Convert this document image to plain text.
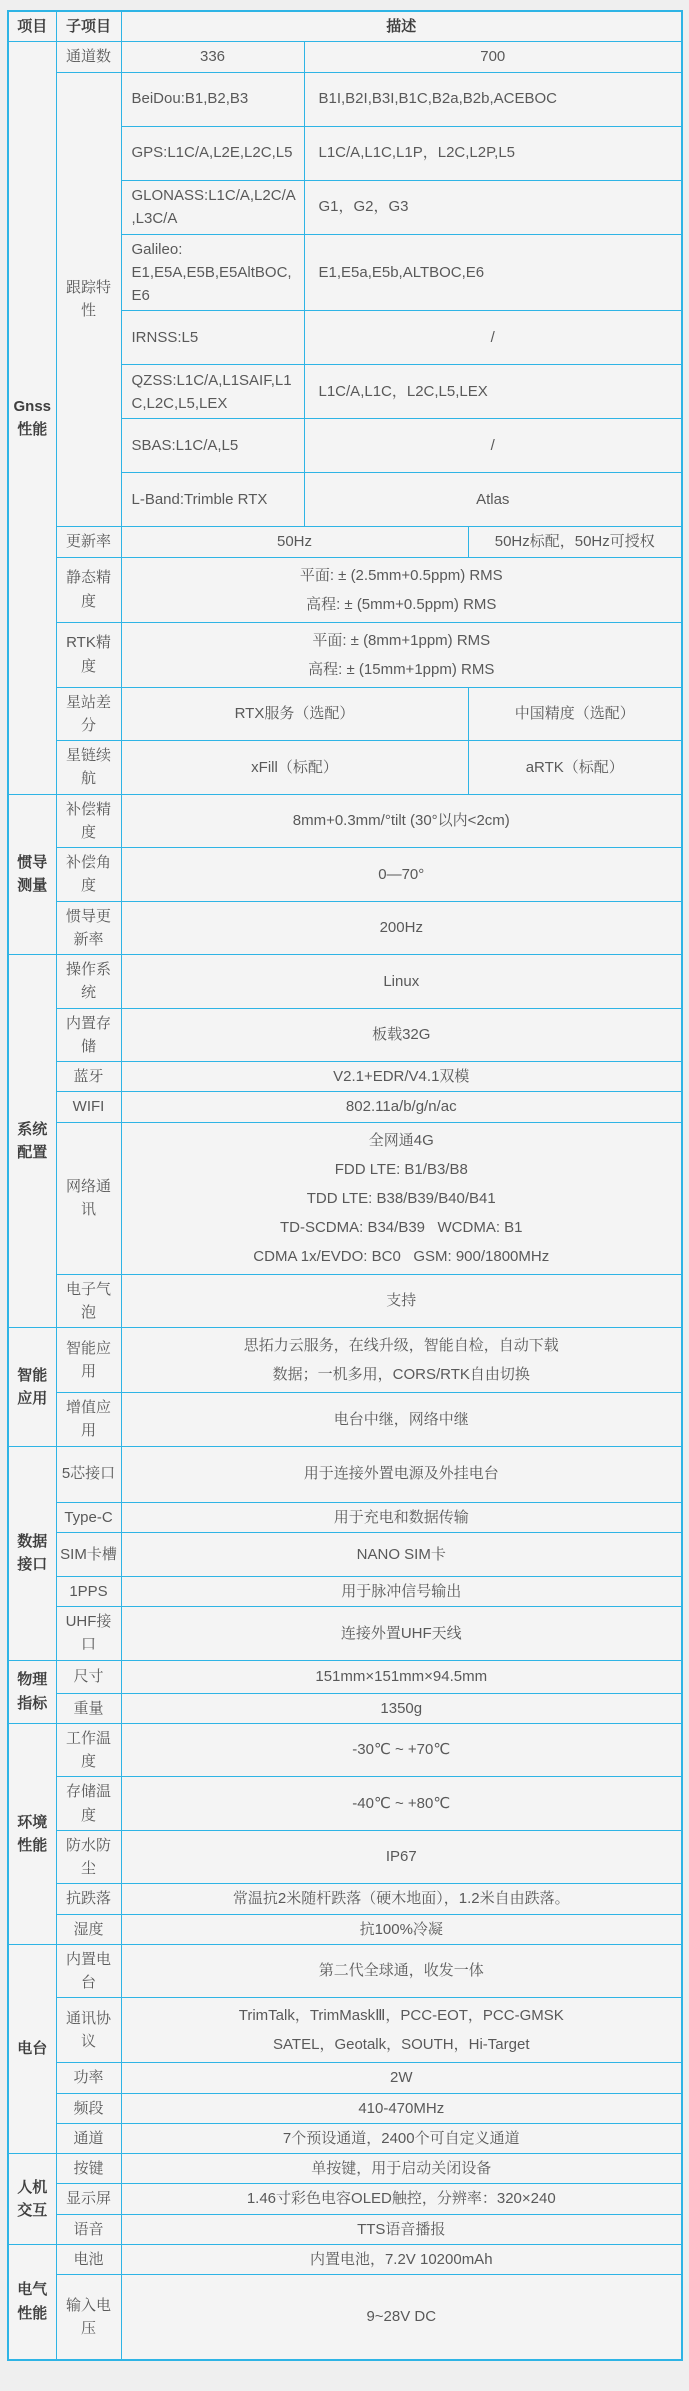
项目	子项目	描述		
Gnss性能	通道数	336	700	
	跟踪特性	BeiDou:B1,B2,B3	B1I,B2I,B3I,B1C,B2a,B2b,ACEBOC	
		GPS:L1C/A,L2E,L2C,L5	L1C/A,L1C,L1P，L2C,L2P,L5	
		GLONASS:L1C/A,L2C/A,L3C/A	G1，G2，G3	
		Galileo: E1,E5A,E5B,E5AltBOC,E6	E1,E5a,E5b,ALTBOC,E6	
		IRNSS:L5	/	
		QZSS:L1C/A,L1SAIF,L1C,L2C,L5,LEX	L1C/A,L1C，L2C,L5,LEX	
		SBAS:L1C/A,L5	/	
		L-Band:Trimble RTX	Atlas	
	更新率	50Hz		50Hz标配，50Hz可授权
	静态精度	平面: ± (2.5mm+0.5ppm) RMS
高程: ± (5mm+0.5ppm) RMS		

	RTK精度	平面: ± (8mm+1ppm) RMS
高程: ± (15mm+1ppm) RMS		

	星站差分	RTX服务（选配）		中国精度（选配）
	星链续航	xFill（标配）		aRTK（标配）
惯导测量	补偿精度	8mm+0.3mm/°tilt (30°以内<2cm)		
	补偿角度	0—70°		
	惯导更新率	200Hz		
系统配置	操作系统	Linux		
	内置存储	板载32G		
	蓝牙	V2.1+EDR/V4.1双模		
	WIFI	802.11a/b/g/n/ac		
	网络通讯	全网通4G
FDD LTE: B1/B3/B8
TDD LTE: B38/B39/B40/B41
TD-SCDMA: B34/B39   WCDMA: B1
CDMA 1x/EVDO: BC0   GSM: 900/1800MHz		

	电子气泡	支持		
智能应用	智能应用	思拓力云服务，在线升级，智能自检，自动下载
数据；一机多用，CORS/RTK自由切换		

	增值应用	电台中继，网络中继		
数据接口	5芯接口	用于连接外置电源及外挂电台		
	Type-C	用于充电和数据传输		
	SIM卡槽	NANO SIM卡		
	1PPS	用于脉冲信号输出		
	UHF接口	连接外置UHF天线		
物理指标	尺寸	151mm×151mm×94.5mm		
	重量	1350g		
环境性能	工作温度	-30℃ ~ +70℃		
	存储温度	-40℃ ~ +80℃		
	防水防尘	IP67		
	抗跌落	常温抗2米随杆跌落（硬木地面），1.2米自由跌落。		
	湿度	抗100%冷凝		
电台	内置电台	第二代全球通，收发一体		
	通讯协议	TrimTalk，TrimMaskⅢ，PCC-EOT，PCC-GMSK
SATEL，Geotalk，SOUTH，Hi-Target		

	功率	2W		
	频段	410-470MHz		
	通道	7个预设通道，2400个可自定义通道		
人机交互	按键	单按键，用于启动关闭设备		
	显示屏	1.46寸彩色电容OLED触控，分辨率：320×240		
	语音	TTS语音播报		
电气性能	电池	内置电池，7.2V 10200mAh		
	输入电压	9~28V DC		
